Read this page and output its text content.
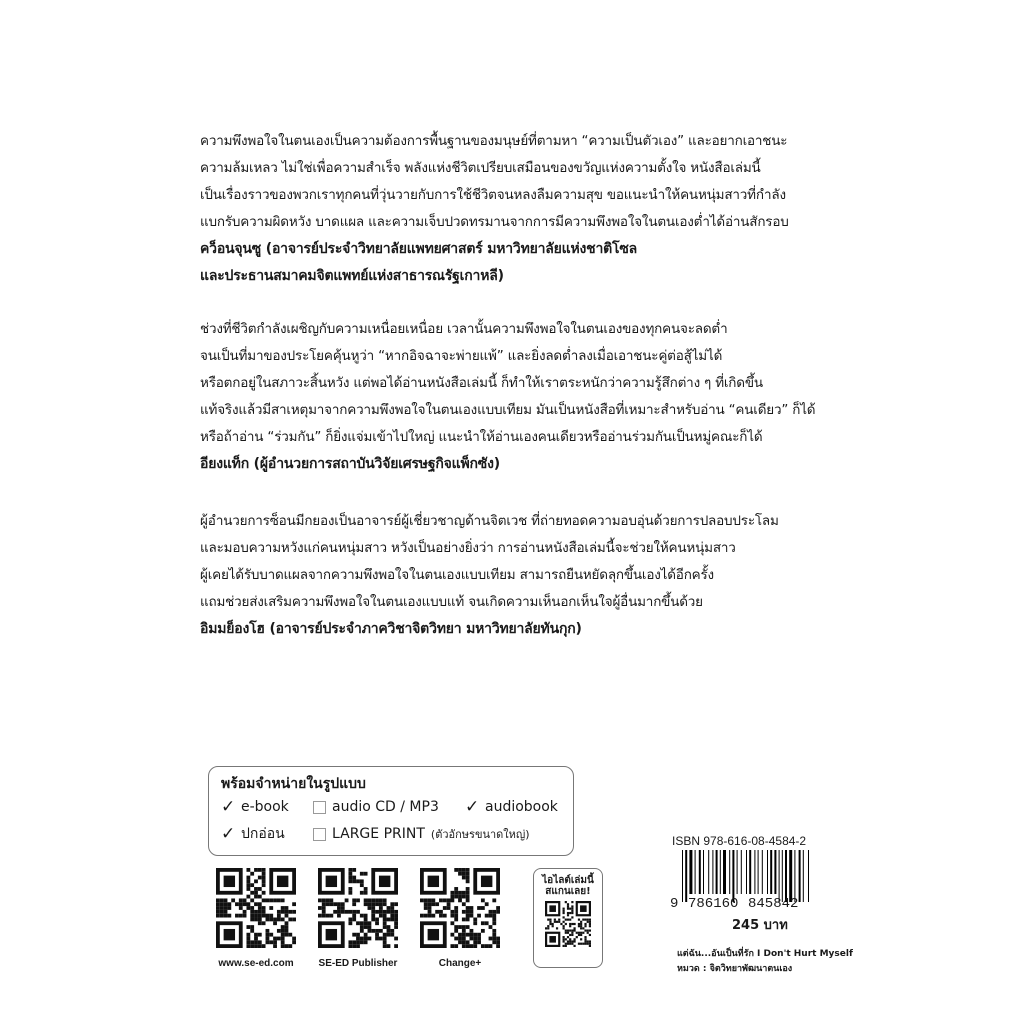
ความพึงพอใจในตนเองเป็นความต้องการพื้นฐานของมนุษย์ที่ตามหา “ความเป็นตัวเอง” และอยากเอาชนะ
ความล้มเหลว ไม่ใช่เพื่อความสำเร็จ พลังแห่งชีวิตเปรียบเสมือนของขวัญแห่งความตั้งใจ หนังสือเล่มนี้
เป็นเรื่องราวของพวกเราทุกคนที่วุ่นวายกับการใช้ชีวิตจนหลงลืมความสุข ขอแนะนำให้คนหนุ่มสาวที่กำลัง
แบกรับความผิดหวัง บาดแผล และความเจ็บปวดทรมานจากการมีความพึงพอใจในตนเองต่ำได้อ่านสักรอบ
คว็อนจุนซู (อาจารย์ประจำวิทยาลัยแพทยศาสตร์ มหาวิทยาลัยแห่งชาติโซล
และประธานสมาคมจิตแพทย์แห่งสาธารณรัฐเกาหลี)
ช่วงที่ชีวิตกำลังเผชิญกับความเหนื่อยเหนื่อย เวลานั้นความพึงพอใจในตนเองของทุกคนจะลดต่ำ
จนเป็นที่มาของประโยคคุ้นหูว่า “หากอิจฉาจะพ่ายแพ้” และยิ่งลดต่ำลงเมื่อเอาชนะคู่ต่อสู้ไม่ได้
หรือตกอยู่ในสภาวะสิ้นหวัง แต่พอได้อ่านหนังสือเล่มนี้ ก็ทำให้เราตระหนักว่าความรู้สึกต่าง ๆ ที่เกิดขึ้น
แท้จริงแล้วมีสาเหตุมาจากความพึงพอใจในตนเองแบบเทียม มันเป็นหนังสือที่เหมาะสำหรับอ่าน “คนเดียว” ก็ได้
หรือถ้าอ่าน “ร่วมกัน” ก็ยิ่งแจ่มเข้าไปใหญ่ แนะนำให้อ่านเองคนเดียวหรืออ่านร่วมกันเป็นหมู่คณะก็ได้
อียงแท็ก (ผู้อำนวยการสถาบันวิจัยเศรษฐกิจแพ็กซัง)
ผู้อำนวยการซ็อนมีกยองเป็นอาจารย์ผู้เชี่ยวชาญด้านจิตเวช ที่ถ่ายทอดความอบอุ่นด้วยการปลอบประโลม
และมอบความหวังแก่คนหนุ่มสาว หวังเป็นอย่างยิ่งว่า การอ่านหนังสือเล่มนี้จะช่วยให้คนหนุ่มสาว
ผู้เคยได้รับบาดแผลจากความพึงพอใจในตนเองแบบเทียม สามารถยืนหยัดลุกขึ้นเองได้อีกครั้ง
แถมช่วยส่งเสริมความพึงพอใจในตนเองแบบแท้ จนเกิดความเห็นอกเห็นใจผู้อื่นมากขึ้นด้วย
อิมมย็องโฮ (อาจารย์ประจำภาควิชาจิตวิทยา มหาวิทยาลัยทันกุก)
พร้อมจำหน่ายในรูปแบบ
✓ e-book	audio CD / MP3 ✓ audiobook
✓ ปกอ่อน	LARGE PRINT (ตัวอักษรขนาดใหญ่)
www.se-ed.com	SE-ED Publisher	Change+
ไอไลต์เล่มนี้
สแกนเลย!
ISBN 978-616-08-4584-2
9 786160 845842
245 บาท
แต่ฉัน...อันเป็นที่รัก I Don't Hurt Myself
หมวด : จิตวิทยาพัฒนาตนเอง
